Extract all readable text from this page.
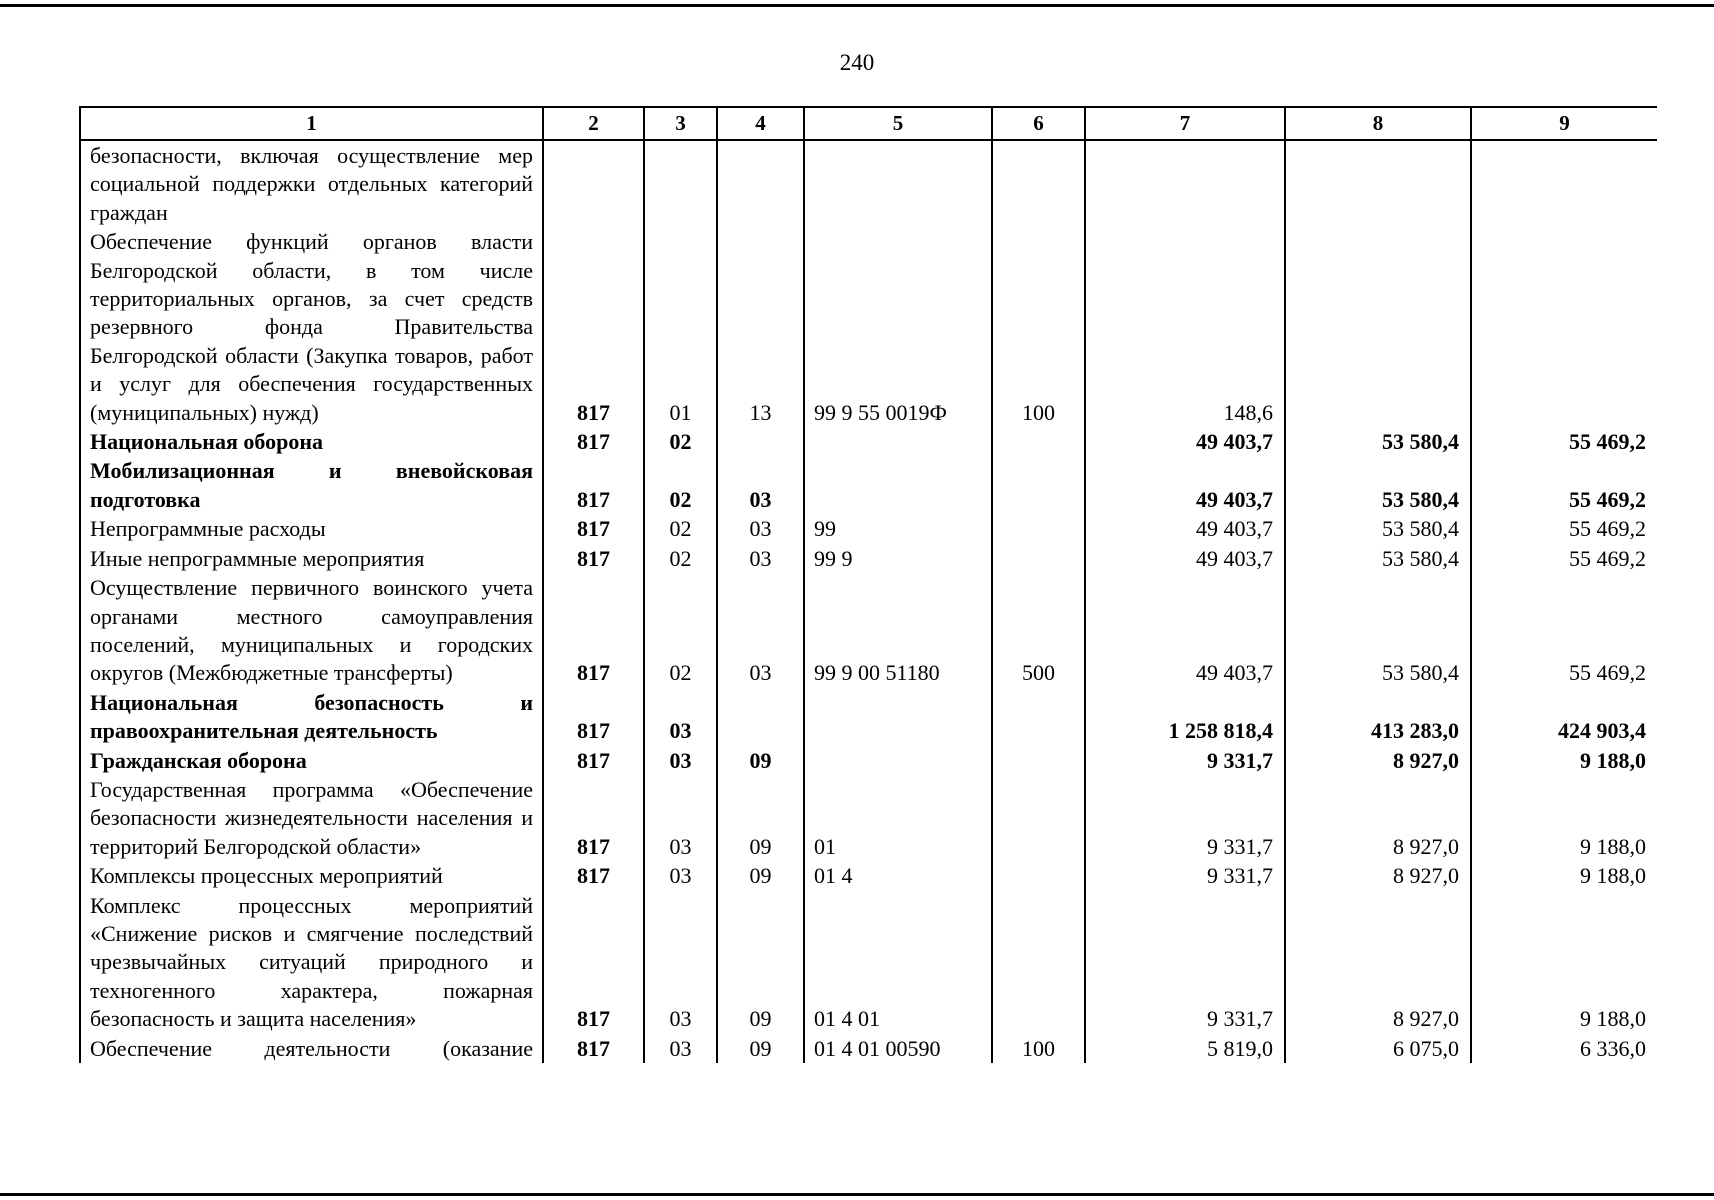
240
1	2	3	4	5	6	7	8	9
безопасности, включая осуществление мер социальной поддержки отдельных категорий граждан								
Обеспечение функций органов власти Белгородской области, в том числе территориальных органов, за счет средств резервного фонда Правительства Белгородской области (Закупка товаров, работ и услуг для обеспечения государственных (муниципальных) нужд)	817	01	13	99 9 55 0019Ф	100	148,6		
Национальная оборона	817	02				49 403,7	53 580,4	55 469,2
Мобилизационная и вневойсковая подготовка	817	02	03			49 403,7	53 580,4	55 469,2
Непрограммные расходы	817	02	03	99		49 403,7	53 580,4	55 469,2
Иные непрограммные мероприятия	817	02	03	99 9		49 403,7	53 580,4	55 469,2
Осуществление первичного воинского учета органами местного самоуправления поселений, муниципальных и городских округов (Межбюджетные трансферты)	817	02	03	99 9 00 51180	500	49 403,7	53 580,4	55 469,2
Национальная безопасность и правоохранительная деятельность	817	03				1 258 818,4	413 283,0	424 903,4
Гражданская оборона	817	03	09			9 331,7	8 927,0	9 188,0
Государственная программа «Обеспечение безопасности жизнедеятельности населения и территорий Белгородской области»	817	03	09	01		9 331,7	8 927,0	9 188,0
Комплексы процессных мероприятий	817	03	09	01 4		9 331,7	8 927,0	9 188,0
Комплекс процессных мероприятий «Снижение рисков и смягчение последствий чрезвычайных ситуаций природного и техногенного характера, пожарная безопасность и защита населения»	817	03	09	01 4 01		9 331,7	8 927,0	9 188,0
Обеспечение деятельности (оказание	817	03	09	01 4 01 00590	100	5 819,0	6 075,0	6 336,0
